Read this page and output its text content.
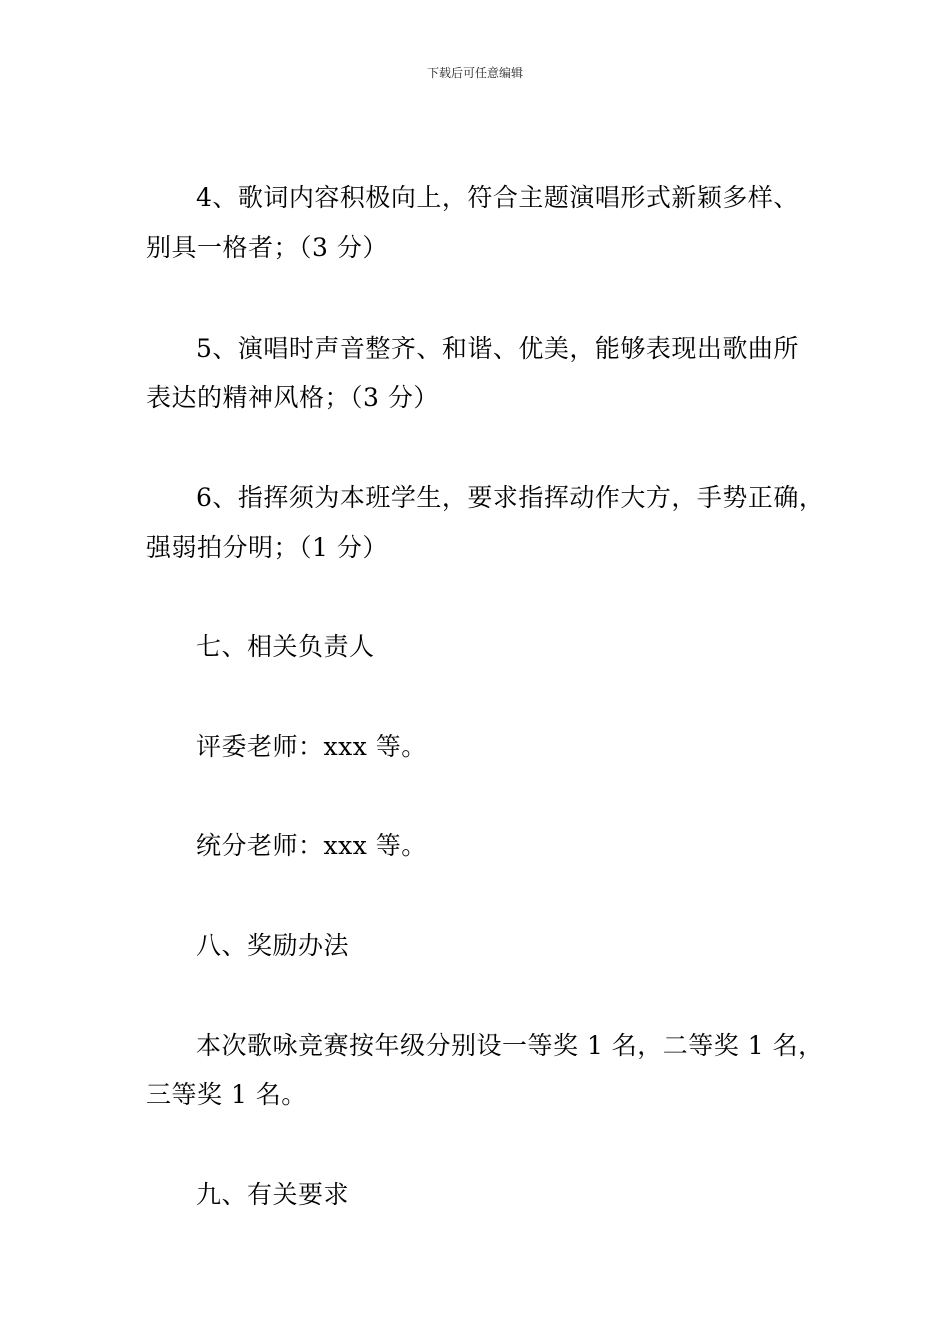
下载后可任意编辑
4、歌词内容积极向上，符合主题演唱形式新颖多样、
别具一格者；（3 分）
5、演唱时声音整齐、和谐、优美，能够表现出歌曲所
表达的精神风格；（3 分）
6、指挥须为本班学生，要求指挥动作大方，手势正确，
强弱拍分明；（1 分）
七、相关负责人
评委老师：xxx 等。
统分老师：xxx 等。
八、奖励办法
本次歌咏竞赛按年级分别设一等奖 1 名，二等奖 1 名，
三等奖 1 名。
九、有关要求
